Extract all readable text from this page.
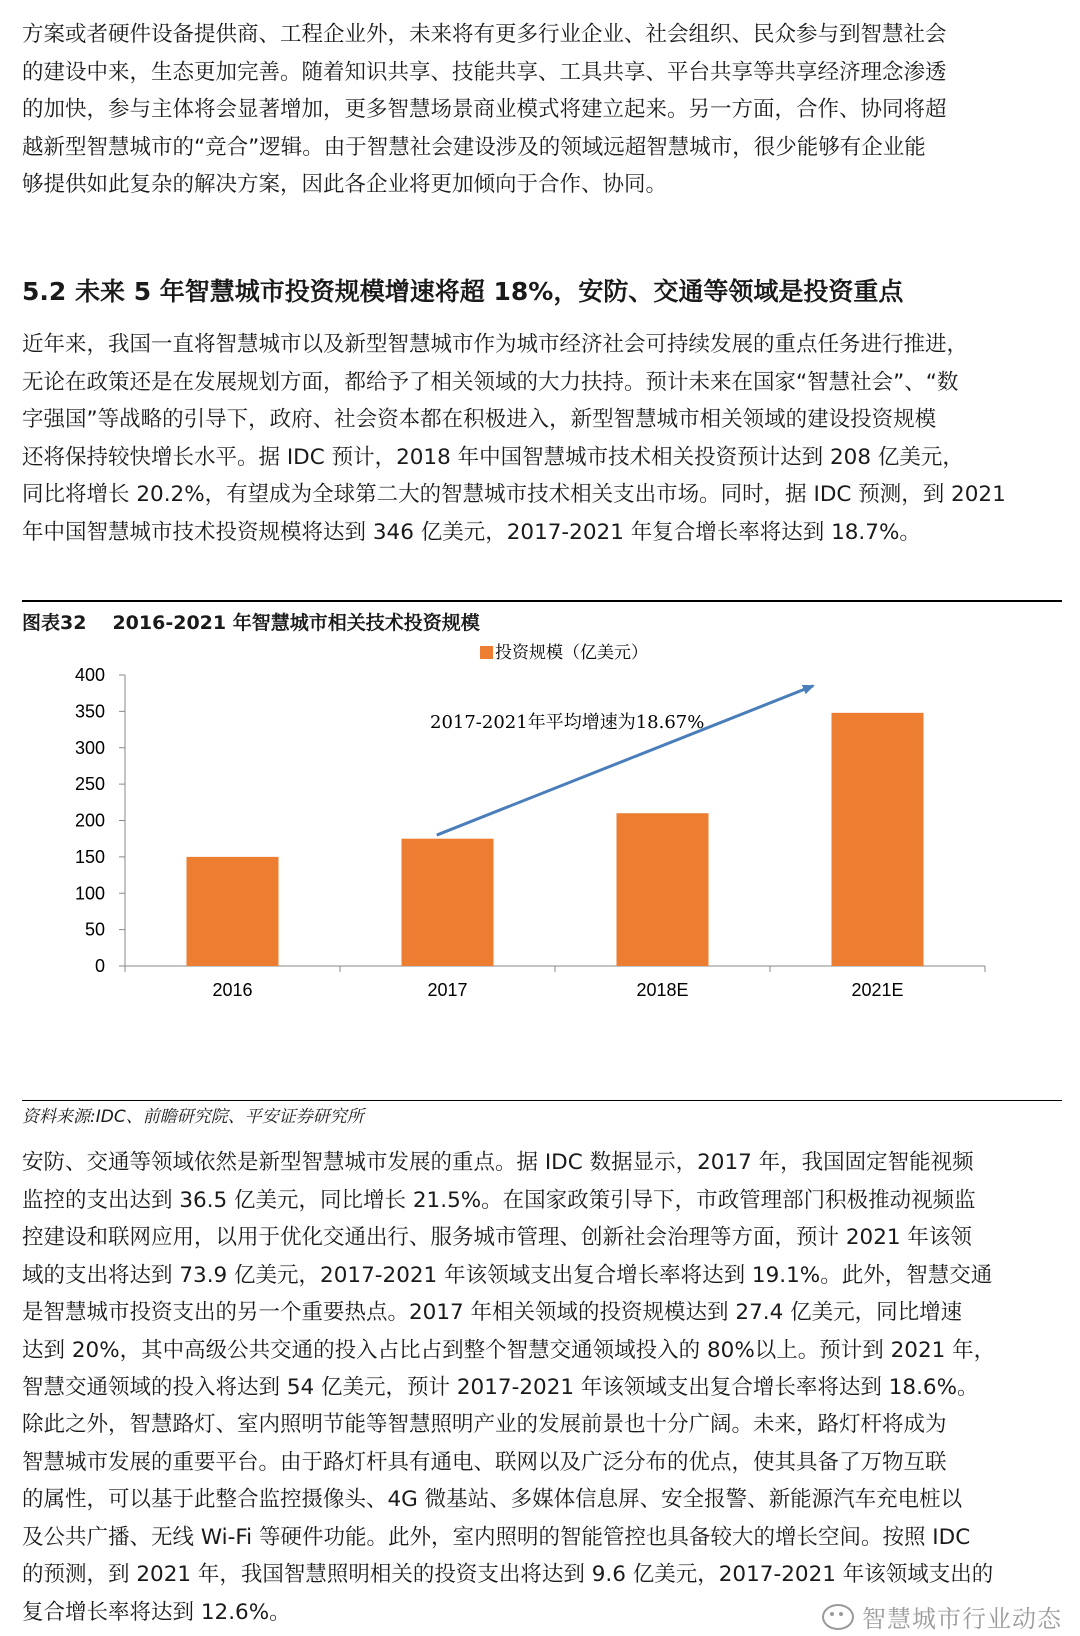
方案或者硬件设备提供商、工程企业外，未来将有更多行业企业、社会组织、民众参与到智慧社会
的建设中来，生态更加完善。随着知识共享、技能共享、工具共享、平台共享等共享经济理念渗透
的加快，参与主体将会显著增加，更多智慧场景商业模式将建立起来。另一方面，合作、协同将超
越新型智慧城市的“竞合”逻辑。由于智慧社会建设涉及的领域远超智慧城市，很少能够有企业能
够提供如此复杂的解决方案，因此各企业将更加倾向于合作、协同。
5.2 未来 5 年智慧城市投资规模增速将超 18%，安防、交通等领域是投资重点
近年来，我国一直将智慧城市以及新型智慧城市作为城市经济社会可持续发展的重点任务进行推进，
无论在政策还是在发展规划方面，都给予了相关领域的大力扶持。预计未来在国家“智慧社会”、“数
字强国”等战略的引导下，政府、社会资本都在积极进入，新型智慧城市相关领域的建设投资规模
还将保持较快增长水平。据 IDC 预计，2018 年中国智慧城市技术相关投资预计达到 208 亿美元，
同比将增长 20.2%，有望成为全球第二大的智慧城市技术相关支出市场。同时，据 IDC 预测，到 2021
年中国智慧城市技术投资规模将达到 346 亿美元，2017-2021 年复合增长率将达到 18.7%。
图表32 2016-2021 年智慧城市相关技术投资规模
0
50
100
150
200
250
300
350
400
2016	2017	2018E	2021E
投资规模（亿美元）
2017-2021年平均增速为18.67%
资料来源:IDC、前瞻研究院、平安证券研究所
安防、交通等领域依然是新型智慧城市发展的重点。据 IDC 数据显示，2017 年，我国固定智能视频
监控的支出达到 36.5 亿美元，同比增长 21.5%。在国家政策引导下，市政管理部门积极推动视频监
控建设和联网应用，以用于优化交通出行、服务城市管理、创新社会治理等方面，预计 2021 年该领
域的支出将达到 73.9 亿美元，2017-2021 年该领域支出复合增长率将达到 19.1%。此外，智慧交通
是智慧城市投资支出的另一个重要热点。2017 年相关领域的投资规模达到 27.4 亿美元，同比增速
达到 20%，其中高级公共交通的投入占比占到整个智慧交通领域投入的 80%以上。预计到 2021 年，
智慧交通领域的投入将达到 54 亿美元，预计 2017-2021 年该领域支出复合增长率将达到 18.6%。
除此之外，智慧路灯、室内照明节能等智慧照明产业的发展前景也十分广阔。未来，路灯杆将成为
智慧城市发展的重要平台。由于路灯杆具有通电、联网以及广泛分布的优点，使其具备了万物互联
的属性，可以基于此整合监控摄像头、4G 微基站、多媒体信息屏、安全报警、新能源汽车充电桩以
及公共广播、无线 Wi-Fi 等硬件功能。此外，室内照明的智能管控也具备较大的增长空间。按照 IDC
的预测，到 2021 年，我国智慧照明相关的投资支出将达到 9.6 亿美元，2017-2021 年该领域支出的
复合增长率将达到 12.6%。	智慧城市行业动态
